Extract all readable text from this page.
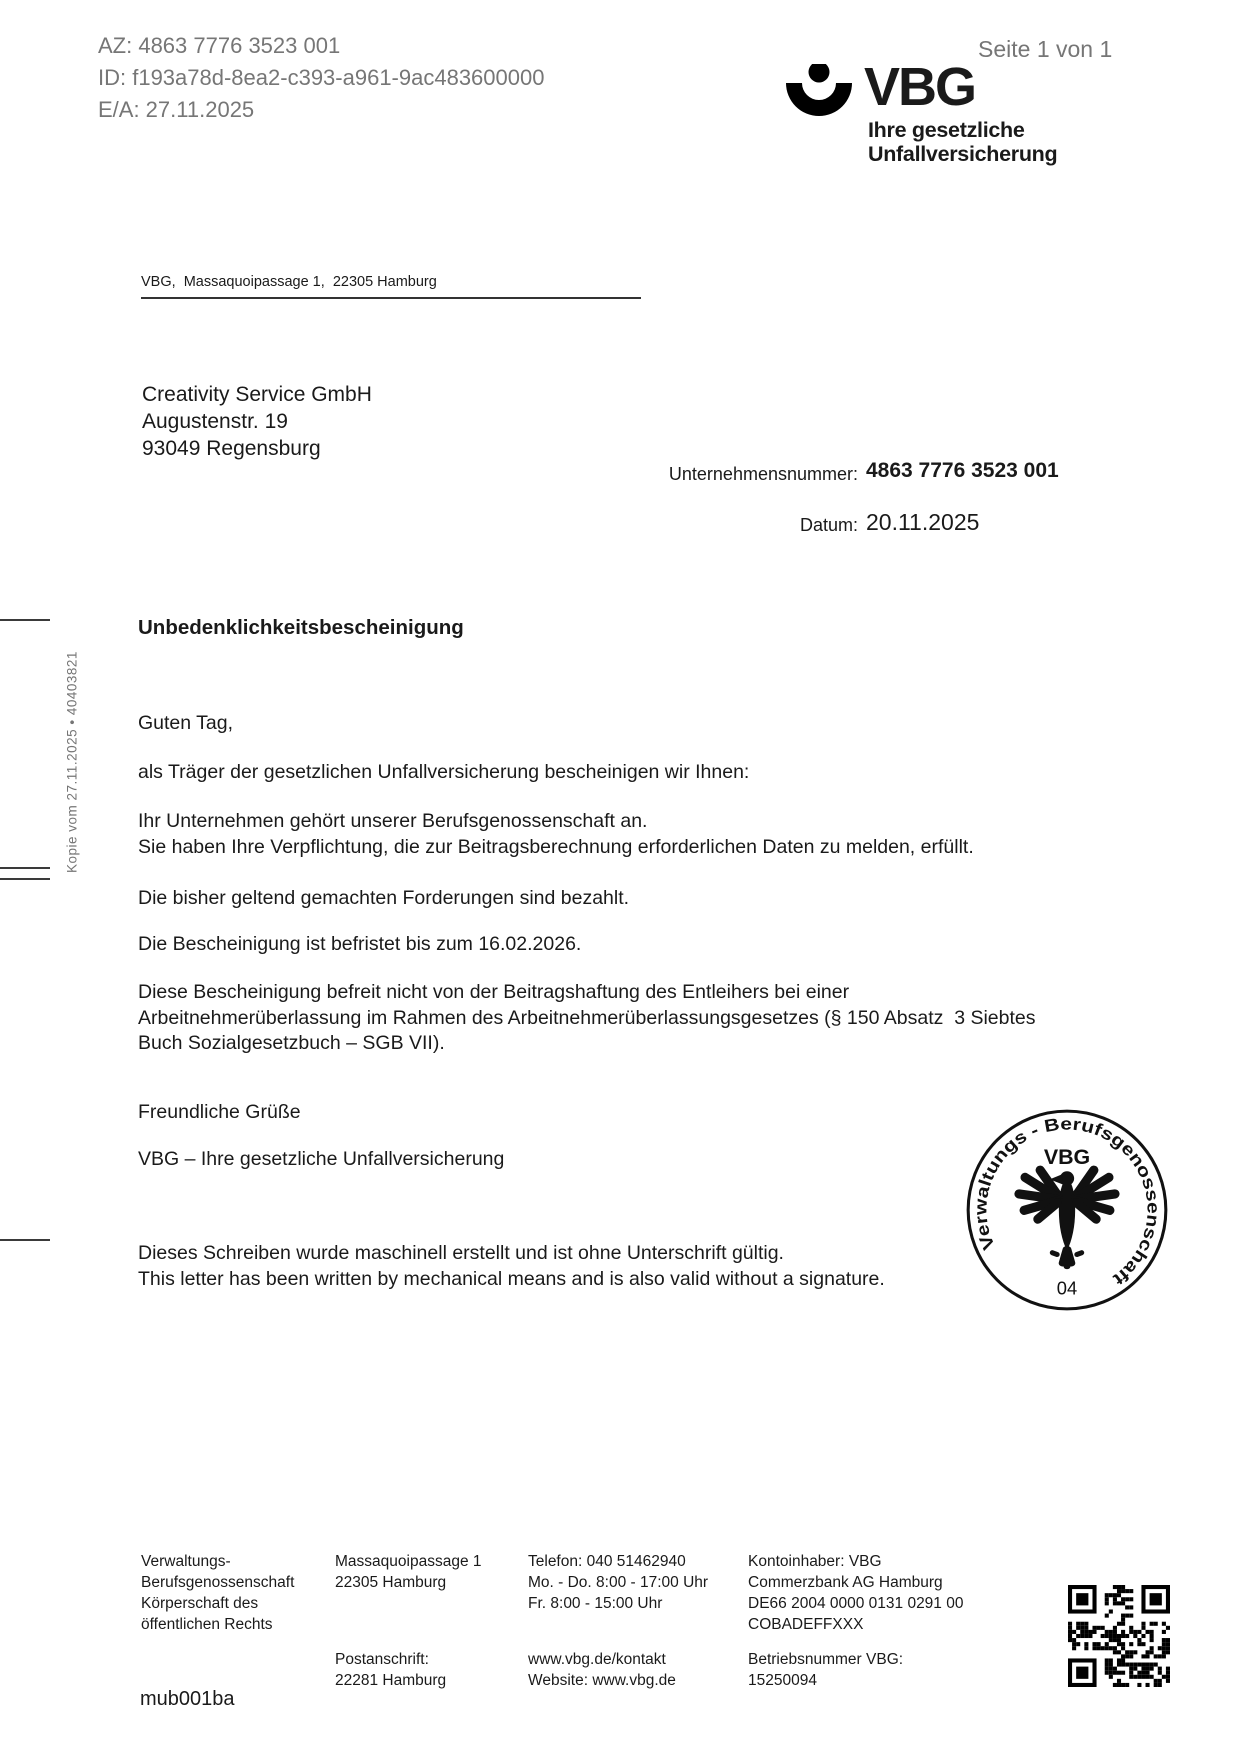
AZ: 4863 7776 3523 001
ID: f193a78d-8ea2-c393-a961-9ac483600000
E/A: 27.11.2025
Seite 1 von 1
VBG
Ihre gesetzliche
Unfallversicherung
VBG,  Massaquoipassage 1,  22305 Hamburg
Creativity Service GmbH
Augustenstr. 19
93049 Regensburg
Unternehmensnummer: 4863 7776 3523 001
Datum: 20.11.2025
Unbedenklichkeitsbescheinigung
Guten Tag,
als Träger der gesetzlichen Unfallversicherung bescheinigen wir Ihnen:
Ihr Unternehmen gehört unserer Berufsgenossenschaft an.
Sie haben Ihre Verpflichtung, die zur Beitragsberechnung erforderlichen Daten zu melden, erfüllt.
Die bisher geltend gemachten Forderungen sind bezahlt.
Die Bescheinigung ist befristet bis zum 16.02.2026.
Diese Bescheinigung befreit nicht von der Beitragshaftung des Entleihers bei einer
Arbeitnehmerüberlassung im Rahmen des Arbeitnehmerüberlassungsgesetzes (§ 150 Absatz  3 Siebtes
Buch Sozialgesetzbuch – SGB VII).
Freundliche Grüße
VBG – Ihre gesetzliche Unfallversicherung
Dieses Schreiben wurde maschinell erstellt und ist ohne Unterschrift gültig.
This letter has been written by mechanical means and is also valid without a signature.
Verwaltungs - Berufsgenossenschaft
VBG
04
Kopie vom 27.11.2025 • 40403821
Verwaltungs-
Berufsgenossenschaft
Körperschaft des
öffentlichen Rechts
Massaquoipassage 1
22305 Hamburg
Postanschrift:
22281 Hamburg
Telefon: 040 51462940
Mo. - Do. 8:00 - 17:00 Uhr
Fr. 8:00 - 15:00 Uhr
www.vbg.de/kontakt
Website: www.vbg.de
Kontoinhaber: VBG
Commerzbank AG Hamburg
DE66 2004 0000 0131 0291 00
COBADEFFXXX
Betriebsnummer VBG:
15250094
mub001ba
